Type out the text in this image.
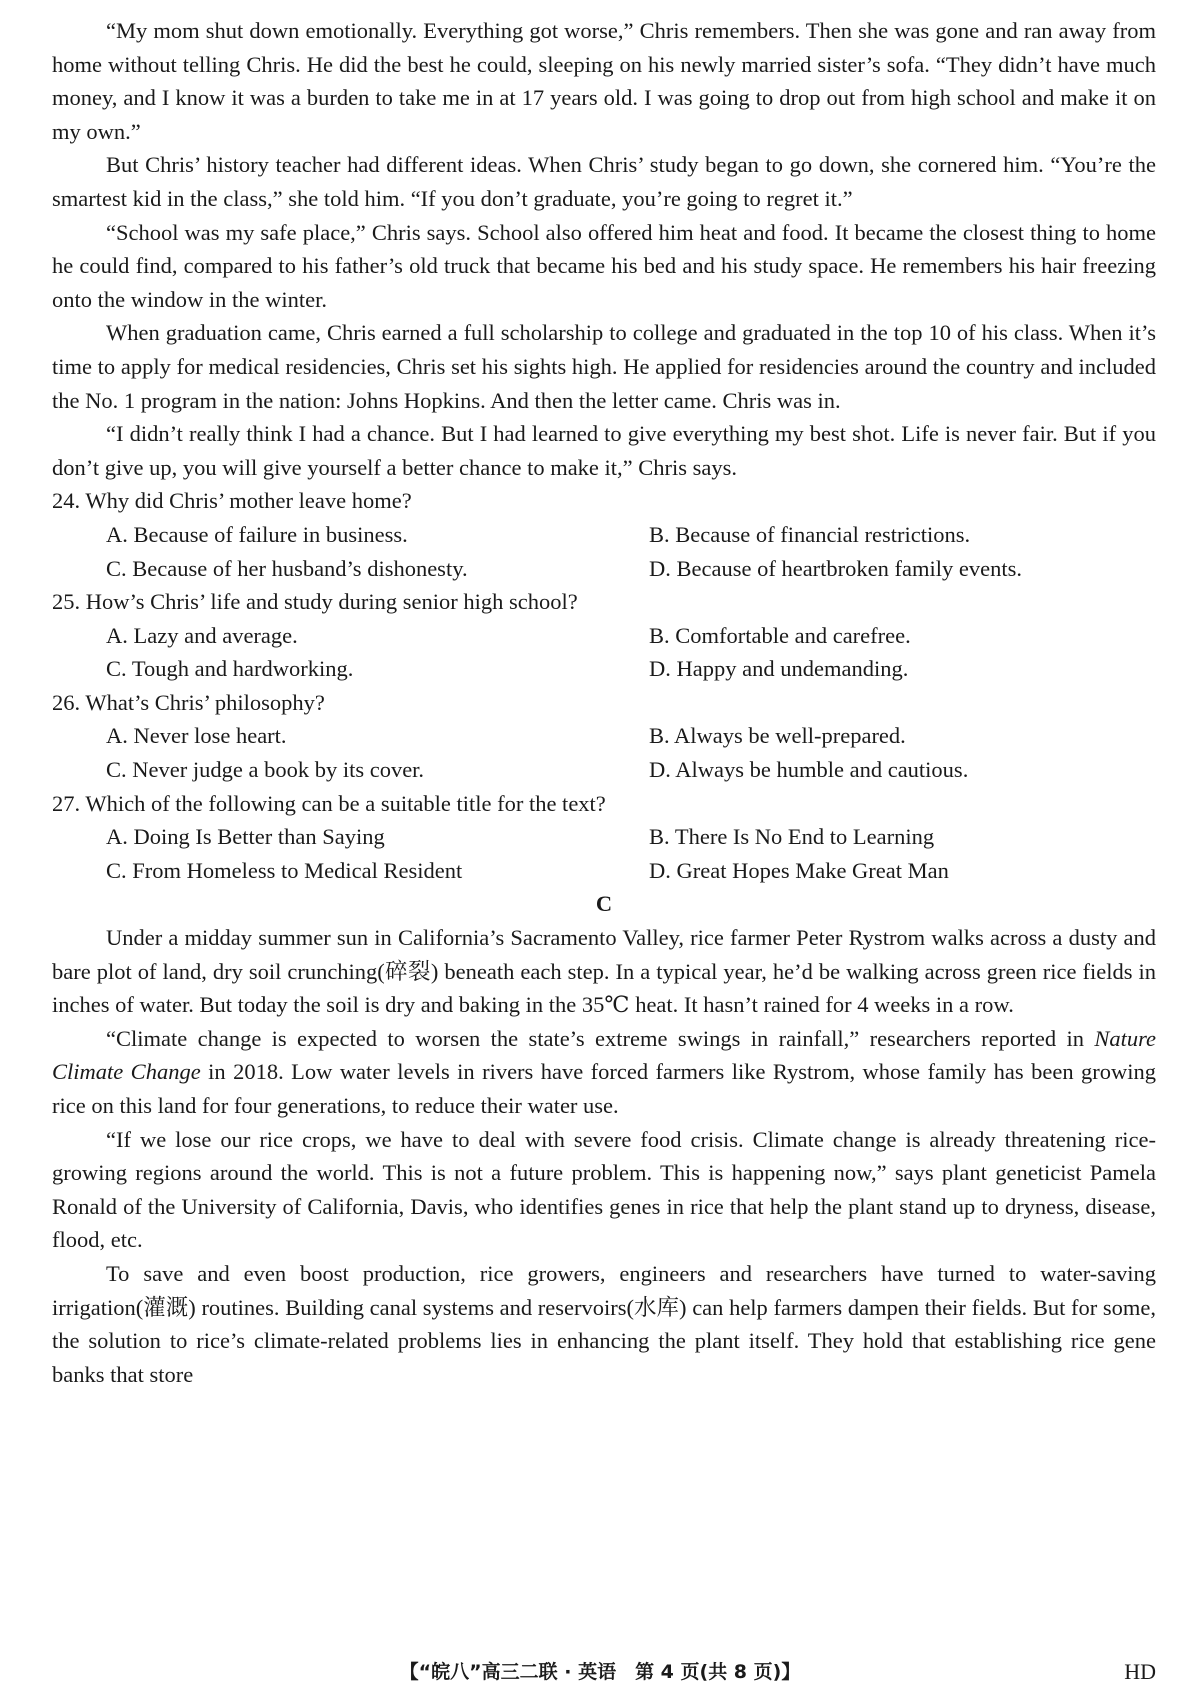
“My mom shut down emotionally. Everything got worse,” Chris remembers. Then she was gone and ran away from home without telling Chris. He did the best he could, sleeping on his newly married sister’s sofa. “They didn’t have much money, and I know it was a burden to take me in at 17 years old. I was going to drop out from high school and make it on my own.”

But Chris’ history teacher had different ideas. When Chris’ study began to go down, she cornered him. “You’re the smartest kid in the class,” she told him. “If you don’t graduate, you’re going to regret it.”

“School was my safe place,” Chris says. School also offered him heat and food. It became the closest thing to home he could find, compared to his father’s old truck that became his bed and his study space. He remembers his hair freezing onto the window in the winter.

When graduation came, Chris earned a full scholarship to college and graduated in the top 10 of his class. When it’s time to apply for medical residencies, Chris set his sights high. He applied for residencies around the country and included the No. 1 program in the nation: Johns Hopkins. And then the letter came. Chris was in.

“I didn’t really think I had a chance. But I had learned to give everything my best shot. Life is never fair. But if you don’t give up, you will give yourself a better chance to make it,” Chris says.

24. Why did Chris’ mother leave home?
A. Because of failure in business.	B. Because of financial restrictions.
C. Because of her husband’s dishonesty.	D. Because of heartbroken family events.
25. How’s Chris’ life and study during senior high school?
A. Lazy and average.	B. Comfortable and carefree.
C. Tough and hardworking.	D. Happy and undemanding.
26. What’s Chris’ philosophy?
A. Never lose heart.	B. Always be well-prepared.
C. Never judge a book by its cover.	D. Always be humble and cautious.
27. Which of the following can be a suitable title for the text?
A. Doing Is Better than Saying	B. There Is No End to Learning
C. From Homeless to Medical Resident	D. Great Hopes Make Great Man
C

Under a midday summer sun in California’s Sacramento Valley, rice farmer Peter Rystrom walks across a dusty and bare plot of land, dry soil crunching(碎裂) beneath each step. In a typical year, he’d be walking across green rice fields in inches of water. But today the soil is dry and baking in the 35℃ heat. It hasn’t rained for 4 weeks in a row.

“Climate change is expected to worsen the state’s extreme swings in rainfall,” researchers reported in Nature Climate Change in 2018. Low water levels in rivers have forced farmers like Rystrom, whose family has been growing rice on this land for four generations, to reduce their water use.

“If we lose our rice crops, we have to deal with severe food crisis. Climate change is already threatening rice-growing regions around the world. This is not a future problem. This is happening now,” says plant geneticist Pamela Ronald of the University of California, Davis, who identifies genes in rice that help the plant stand up to dryness, disease, flood, etc.

To save and even boost production, rice growers, engineers and researchers have turned to water-saving irrigation(灌溉) routines. Building canal systems and reservoirs(水库) can help farmers dampen their fields. But for some, the solution to rice’s climate-related problems lies in enhancing the plant itself. They hold that establishing rice gene banks that store

【“皖八”高三二联 · 英语　第 4 页(共 8 页)】	HD
